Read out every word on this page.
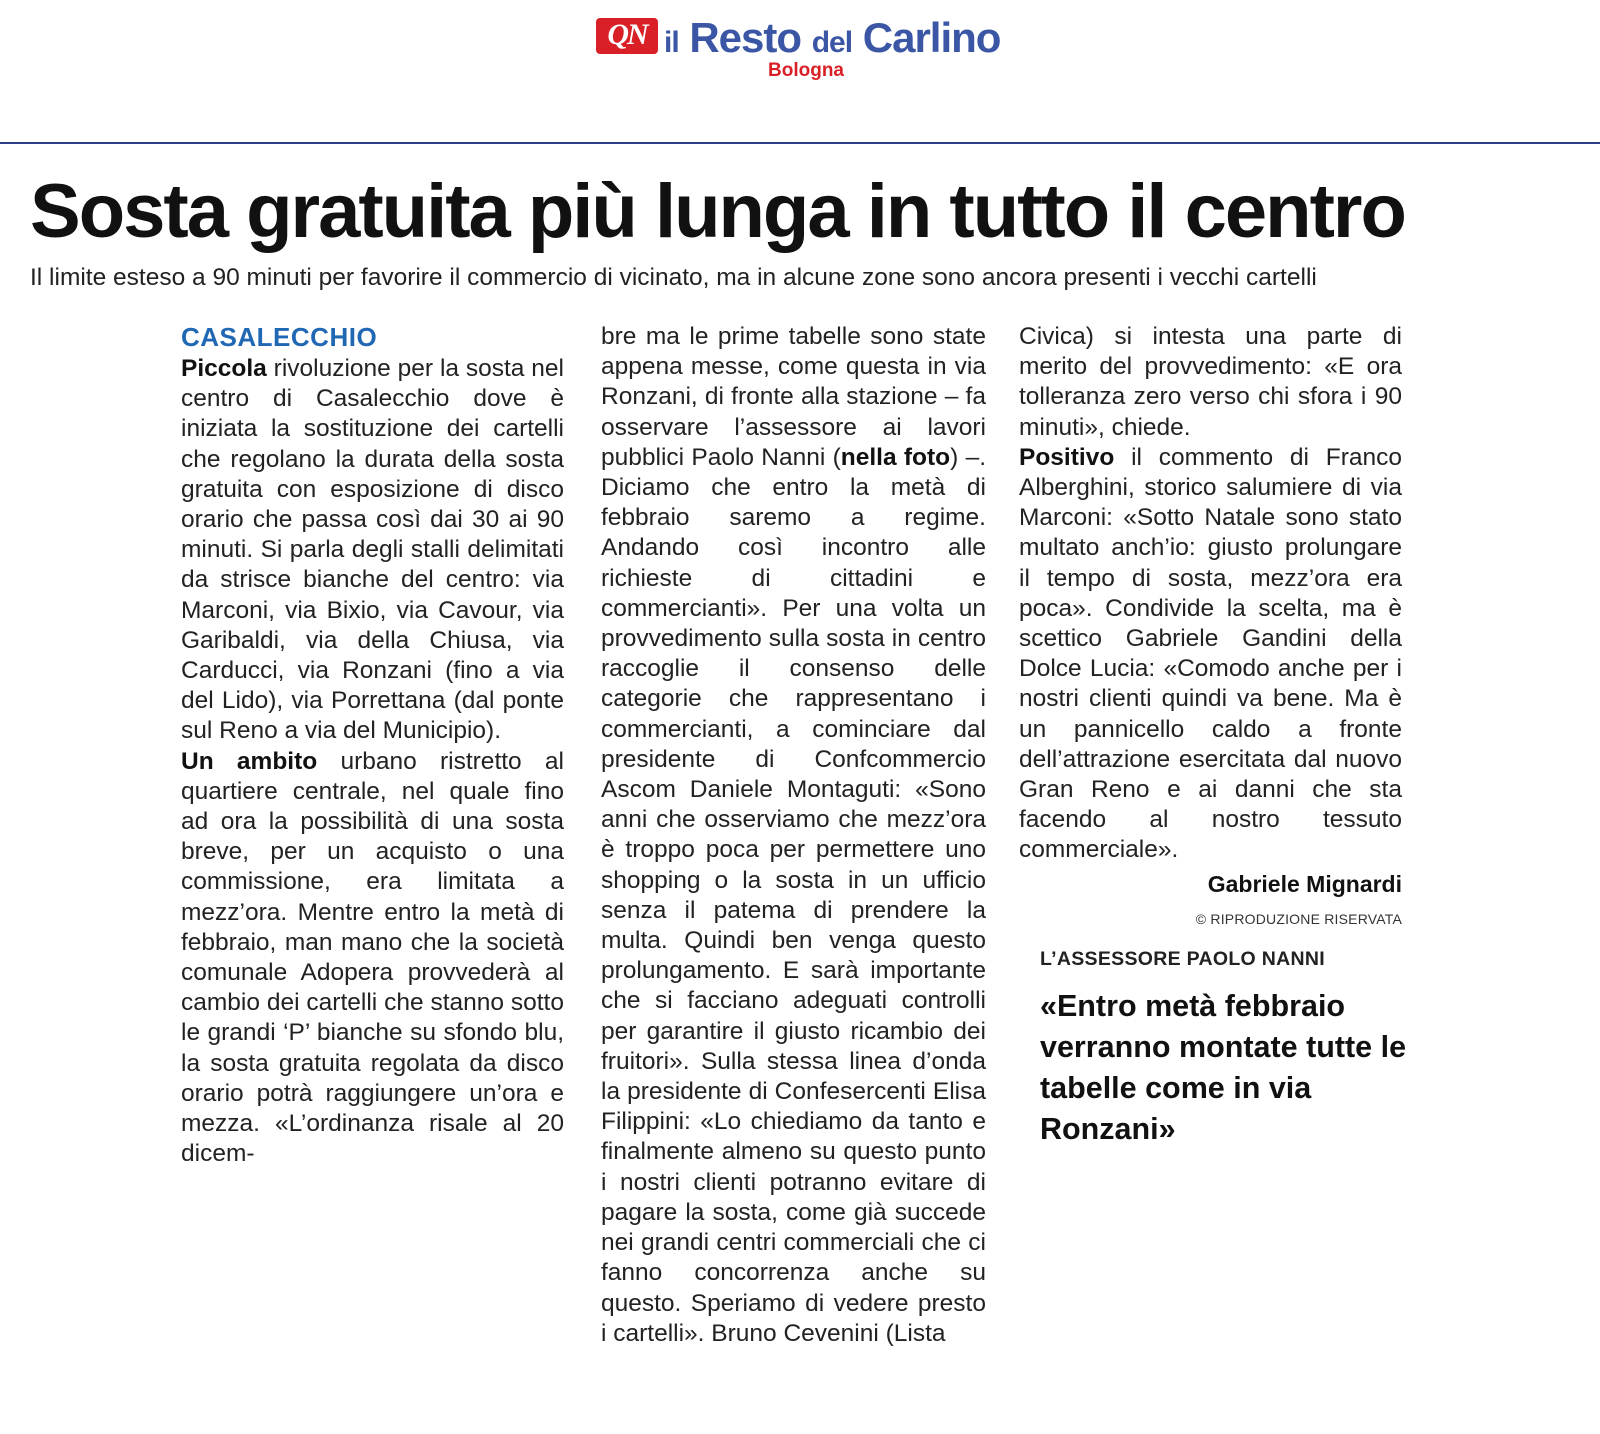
QN il Resto del Carlino
Bologna
Sosta gratuita più lunga in tutto il centro

Il limite esteso a 90 minuti per favorire il commercio di vicinato, ma in alcune zone sono ancora presenti i vecchi cartelli

CASALECCHIO

Piccola rivoluzione per la sosta nel centro di Casalecchio dove è iniziata la sostituzione dei cartelli che regolano la durata della sosta gratuita con esposizione di disco orario che passa così dai 30 ai 90 minuti. Si parla degli stalli delimitati da strisce bianche del centro: via Marconi, via Bixio, via Cavour, via Garibaldi, via della Chiusa, via Carducci, via Ronzani (fino a via del Lido), via Porrettana (dal ponte sul Reno a via del Municipio).

Un ambito urbano ristretto al quartiere centrale, nel quale fino ad ora la possibilità di una sosta breve, per un acquisto o una commissione, era limitata a mezz’ora. Mentre entro la metà di febbraio, man mano che la società comunale Adopera provvederà al cambio dei cartelli che stanno sotto le grandi ‘P’ bianche su sfondo blu, la sosta gratuita regolata da disco orario potrà raggiungere un’ora e mezza. «L’ordinanza risale al 20 dicem-

bre ma le prime tabelle sono state appena messe, come questa in via Ronzani, di fronte alla stazione – fa osservare l’assessore ai lavori pubblici Paolo Nanni (nella foto) –. Diciamo che entro la metà di febbraio saremo a regime. Andando così incontro alle richieste di cittadini e commercianti». Per una volta un provvedimento sulla sosta in centro raccoglie il consenso delle categorie che rappresentano i commercianti, a cominciare dal presidente di Confcommercio Ascom Daniele Montaguti: «Sono anni che osserviamo che mezz’ora è troppo poca per permettere uno shopping o la sosta in un ufficio senza il patema di prendere la multa. Quindi ben venga questo prolungamento. E sarà importante che si facciano adeguati controlli per garantire il giusto ricambio dei fruitori». Sulla stessa linea d’onda la presidente di Confesercenti Elisa Filippini: «Lo chiediamo da tanto e finalmente almeno su questo punto i nostri clienti potranno evitare di pagare la sosta, come già succede nei grandi centri commerciali che ci fanno concorrenza anche su questo. Speriamo di vedere presto i cartelli». Bruno Cevenini (Lista

Civica) si intesta una parte di merito del provvedimento: «E ora tolleranza zero verso chi sfora i 90 minuti», chiede.

Positivo il commento di Franco Alberghini, storico salumiere di via Marconi: «Sotto Natale sono stato multato anch’io: giusto prolungare il tempo di sosta, mezz’ora era poca». Condivide la scelta, ma è scettico Gabriele Gandini della Dolce Lucia: «Comodo anche per i nostri clienti quindi va bene. Ma è un pannicello caldo a fronte dell’attrazione esercitata dal nuovo Gran Reno e ai danni che sta facendo al nostro tessuto commerciale».

Gabriele Mignardi
© RIPRODUZIONE RISERVATA
L’ASSESSORE PAOLO NANNI
«Entro metà febbraio verranno montate tutte le tabelle come in via Ronzani»
